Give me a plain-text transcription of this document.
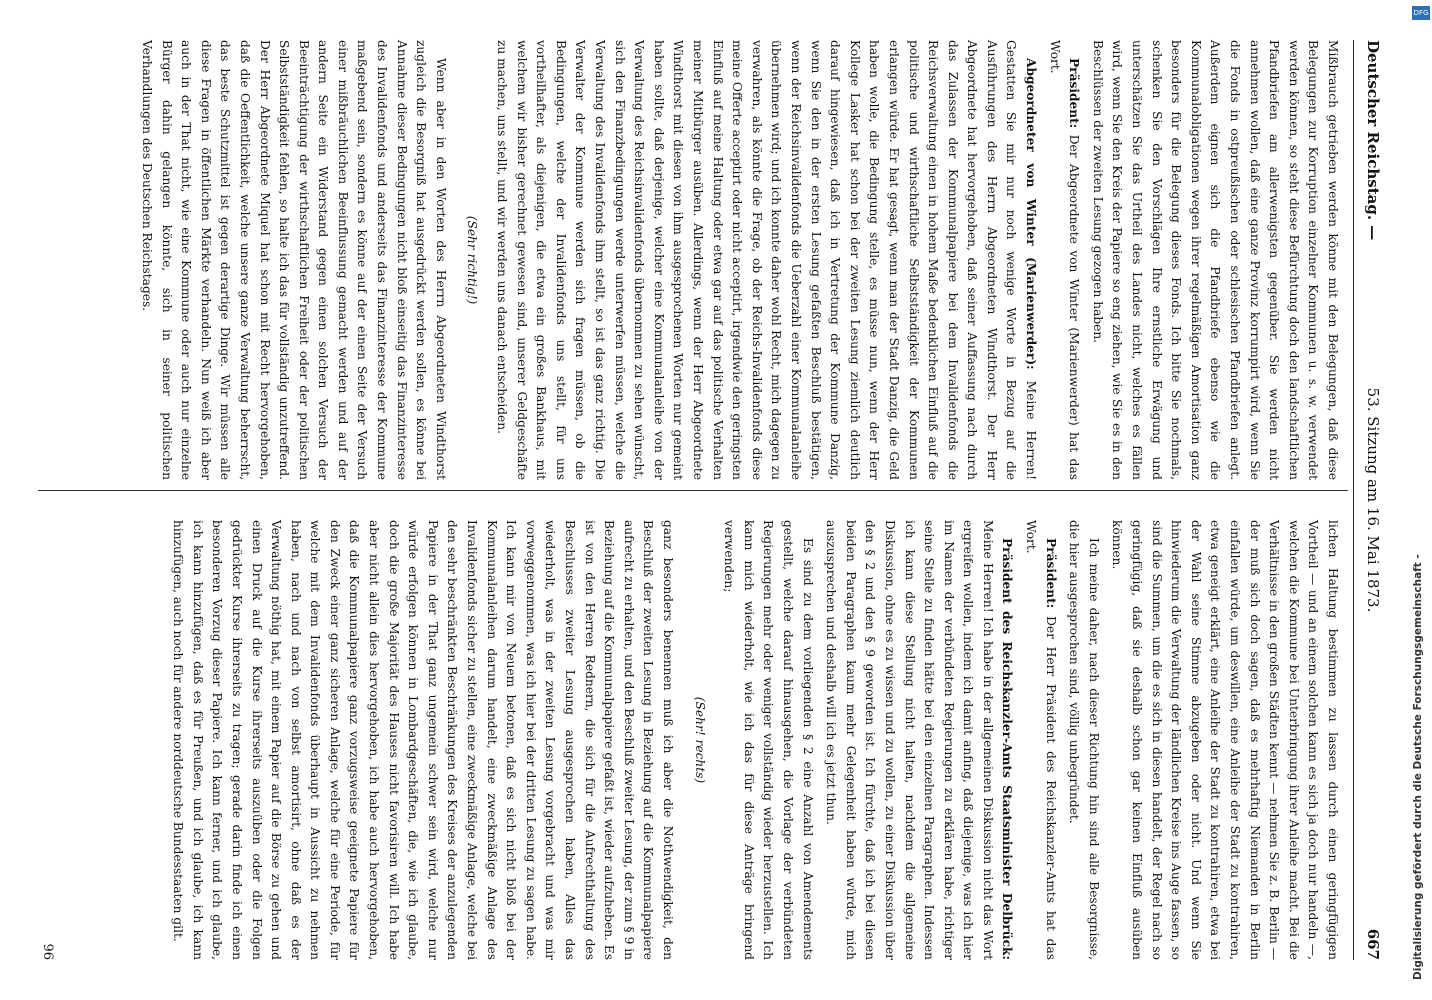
Deutscher Reichstag. —
53. Sitzung am 16. Mai 1873.
667

Mißbrauch getrieben werden könne mit den Belegungen, daß diese Belegungen zur Korruption einzelner Kommunen u. s. w. verwendet werden können, so steht diese Befürchtung doch den landschaftlichen Pfandbriefen am allerwenigsten gegenüber. Sie werden nicht annehmen wollen, daß eine ganze Provinz korrumpirt wird, wenn Sie die Fonds in ostpreußischen oder schlesischen Pfandbriefen anlegt. Außerdem eignen sich die Pfandbriefe ebenso wie die Kommunalobligationen wegen ihrer regelmäßigen Amortisation ganz besonders für die Belegung dieses Fonds. Ich bitte Sie nochmals, schenken Sie den Vorschlägen Ihre ernstliche Erwägung und unterschätzen Sie das Urtheil des Landes nicht, welches es fällen wird, wenn Sie den Kreis der Papiere so eng ziehen, wie Sie es in den Beschlüssen der zweiten Lesung gezogen haben.

Präsident: Der Abgeordnete von Winter (Marienwerder) hat das Wort.

Abgeordneter von Winter (Marienwerder): Meine Herren! Gestatten Sie mir nur noch wenige Worte in Bezug auf die Ausführungen des Herrn Abgeordneten Windthorst. Der Herr Abgeordnete hat hervorgehoben, daß seiner Auffassung nach durch das Zulassen der Kommunalpapiere bei dem Invalidenfonds die Reichsverwaltung einen in hohem Maße bedenklichen Einfluß auf die politische und wirthschaftliche Selbstständigkeit der Kommunen erlangen würde. Er hat gesagt, wenn man der Stadt Danzig, die Geld haben wolle, die Bedingung stelle, es müsse nun, wenn der Herr Kollege Lasker hat schon bei der zweiten Lesung ziemlich deutlich darauf hingewiesen, daß ich in Vertretung der Kommune Danzig, wenn Sie den in der ersten Lesung gefaßten Beschluß bestätigen, wenn der Reichsinvalidenfonds die Ueberzahl einer Kommunalanleihe übernehmen wird; und ich konnte daher wohl Recht, mich dagegen zu verwahren, als könnte die Frage, ob der Reichs-Invalidenfonds diese meine Offerte acceptirt oder nicht acceptirt, irgendwie den geringsten Einfluß auf meine Haltung oder etwa gar auf das politische Verhalten meiner Mitbürger ausüben. Allerdings, wenn der Herr Abgeordnete Windthorst mit diesen von ihm ausgesprochenen Worten nur gemeint haben sollte, daß derjenige, welcher eine Kommunalanleihe von der Verwaltung des Reichsinvalidenfonds übernommen zu sehen wünscht, sich den Finanzbedingungen werde unterwerfen müssen, welche die Verwaltung des Invalidenfonds ihm stellt, so ist das ganz richtig. Die Verwalter der Kommune werden sich fragen müssen, ob die Bedingungen, welche der Invalidenfonds uns stellt, für uns vortheilhafter, als diejenigen, die etwa ein großes Bankhaus, mit welchem wir bisher gerechnet gewesen sind, unserer Geldgeschäfte zu machen, uns stellt, und wir werden uns danach entscheiden.

(Sehr richtig!)

Wenn aber in den Worten des Herrn Abgeordneten Windthorst zugleich die Besorgniß hat ausgedrückt werden sollen, es könne bei Annahme dieser Bedingungen nicht bloß einseitig das Finanzinteresse des Invalidenfonds und anderseits das Finanzinteresse der Kommune maßgebend sein, sondern es könne auf der einen Seite der Versuch einer mißbräuchlichen Beeinflussung gemacht werden und auf der andern Seite ein Widerstand gegen einen solchen Versuch der Beeinträchtigung der wirthschaftlichen Freiheit oder der politischen Selbstständigkeit fehlen, so halte ich das für vollständig unzutreffend. Der Herr Abgeordnete Miquel hat schon mit Recht hervorgehoben, daß die Oeffentlichkeit, welche unsere ganze Verwaltung beherrscht, das beste Schutzmittel ist gegen derartige Dinge. Wir müssen alle diese Fragen in öffentlichen Märkte verhandeln. Nun weiß ich aber auch in der That nicht, wie eine Kommune oder auch nur einzelne Bürger dahin gelangen könnte, sich in seiner politischen Verhandlungen des Deutschen Reichstages.

lichen Haltung bestimmen zu lassen durch einen geringfügigen Vortheil — und an einem solchen kann es sich ja doch nur handeln —, welchen die Kommune bei Unterbringung ihrer Anleihe macht. Bei die Verhältnisse in den großen Städten kennt — nehmen Sie z. B. Berlin — der muß sich doch sagen, daß es mehrhaftig Niemanden in Berlin einfallen würde, um deswillen, eine Anleihe der Stadt zu kontrahiren, etwa geneigt erklärt, eine Anleihe der Stadt zu kontrahiren, etwa bei der Wahl seine Stimme abzugeben oder nicht. Und wenn Sie hinwiederum die Verwaltung der ländlichen Kreise ins Auge fassen, so sind die Summen, um die es sich in diesen handelt, der Regel nach so geringfügig, daß sie deshalb schon gar keinen Einfluß ausüben können.

Ich meine daher, nach dieser Richtung hin sind alle Besorgnisse, die hier ausgesprochen sind, völlig unbegründet.

Präsident: Der Herr Präsident des Reichskanzler-Amts hat das Wort.

Präsident des Reichskanzler-Amts Staatsminister Delbrück: Meine Herren! Ich habe in der allgemeinen Diskussion nicht das Wort ergreifen wollen, indem ich damit anfing, daß diejenige, was ich hier im Namen der verbündeten Regierungen zu erklären habe, richtiger seine Stelle zu finden hätte bei den einzelnen Paragraphen. Indessen ich kann diese Stellung nicht halten, nachdem die allgemeine Diskussion, ohne es zu wissen und zu wollen, zu einer Diskussion über den § 2 und den § 9 geworden ist. Ich fürchte, daß ich bei diesen beiden Paragraphen kaum mehr Gelegenheit haben würde, mich auszusprechen und deshalb will ich es jetzt thun.

Es sind zu dem vorliegenden § 2 eine Anzahl von Amendements gestellt, welche darauf hinausgehen, die Vorlage der verbündeten Regierungen mehr oder weniger vollständig wieder herzustellen. Ich kann mich wiederholt, wie ich das für diese Anträge bringend verwenden;

(Sehr! rechts)

ganz besonders benennen muß ich aber die Nothwendigkeit, den Beschluß der zweiten Lesung in Beziehung auf die Kommunalpapiere aufrecht zu erhalten, und den Beschluß zweiter Lesung, der zum § 9 in Beziehung auf die Kommunalpapiere gefaßt ist, wieder aufzuheben. Es ist von den Herren Rednern, die sich für die Aufrechthaltung des Beschlusses zweiter Lesung ausgesprochen haben, Alles das wiederholt, was in der zweiten Lesung vorgebracht und was mir vorweggenommen, was ich hier bei der dritten Lesung zu sagen habe. Ich kann mir von Neuem betonen, daß es sich nicht bloß bei der Kommunalanleihen darum handelt, eine zweckmäßige Anlage des Invalidenfonds sicher zu stellen, eine zweckmäßige Anlage, welche bei den sehr beschränkten Beschränkungen des Kreises der anzulegenden Papiere in der That ganz ungemein schwer sein wird, welche nur würde erfolgen können in Lombardgeschäften, die, wie ich glaube, doch die große Majorität des Hauses nicht favorisiren will. Ich habe aber nicht allein dies hervorgehoben, ich habe auch hervorgehoben, daß die Kommunalpapiere ganz vorzugsweise geeignete Papiere für den Zweck einer ganz sicheren Anlage, welche für eine Periode, für welche mit dem Invalidenfonds überhaupt in Aussicht zu nehmen haben, nach und nach von selbst amortisirt, ohne daß es der Verwaltung nöthig hat, mit einem Papier auf die Börse zu gehen und einen Druck auf die Kurse ihrerseits auszuüben oder die Folgen gedrückter Kurse ihrerseits zu tragen; gerade darin finde ich einen besonderen Vorzug dieser Papiere. Ich kann ferner, und ich glaube, ich kann hinzufügen, daß es für Preußen, und ich glaube, ich kann hinzufügen, auch noch für andere norddeutsche Bundesstaaten gilt.

96	Digitalisierung gefördert durch die Deutsche Forschungsgemeinschaft -
DFG
